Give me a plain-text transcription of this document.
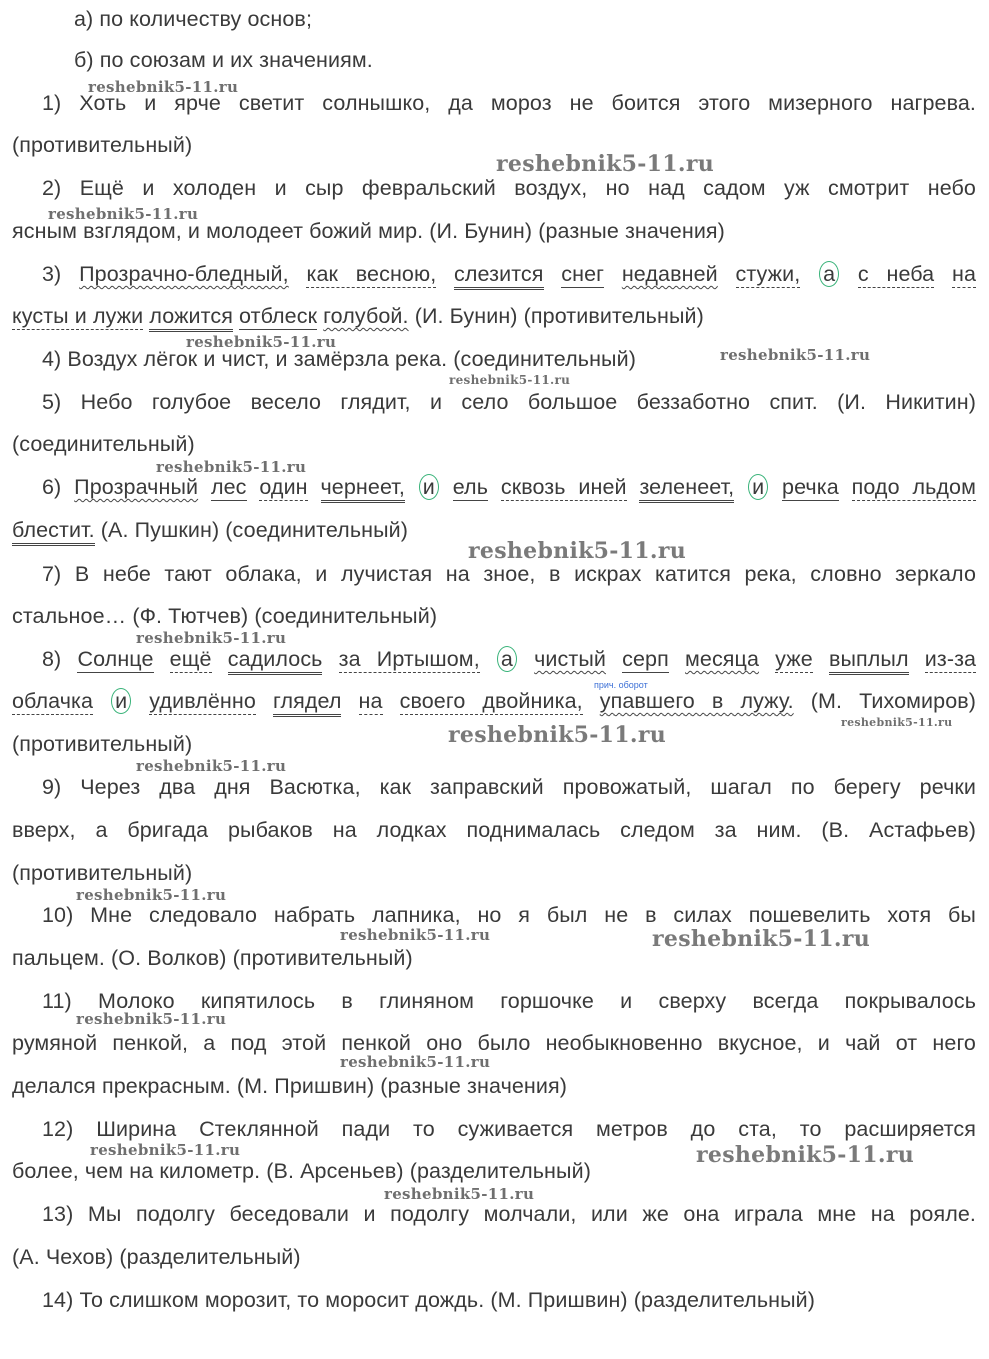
а) по количеству основ;
б) по союзам и их значениям.
1) Хоть и ярче светит солнышко, да мороз не боится этого мизерного нагрева.
(противительный)
2) Ещё и холоден и сыр февральский воздух, но над садом уж смотрит небо
ясным взглядом, и молодеет божий мир. (И. Бунин) (разные значения)
3) Прозрачно-бледный, как весною, слезится снег недавней стужи, а с неба на
кусты и лужи ложится отблеск голубой. (И. Бунин) (противительный)
4) Воздух лёгок и чист, и замёрзла река. (соединительный)
5) Небо голубое весело глядит, и село большое беззаботно спит. (И. Никитин)
(соединительный)
6) Прозрачный лес один чернеет, и ель сквозь иней зеленеет, и речка подо льдом
блестит. (А. Пушкин) (соединительный)
7) В небе тают облака, и лучистая на зное, в искрах катится река, словно зеркало
стальное… (Ф. Тютчев) (соединительный)
8) Солнце ещё садилось за Иртышом, а чистый серп месяца уже выплыл из-за
облачка и удивлённо глядел на своего двойника, упавшего в лужу. (М. Тихомиров)
(противительный)
прич. оборот
9) Через два дня Васютка, как заправский провожатый, шагал по берегу речки
вверх, а бригада рыбаков на лодках поднималась следом за ним. (В. Астафьев)
(противительный)
10) Мне следовало набрать лапника, но я был не в силах пошевелить хотя бы
пальцем. (О. Волков) (противительный)
11) Молоко кипятилось в глиняном горшочке и сверху всегда покрывалось
румяной пенкой, а под этой пенкой оно было необыкновенно вкусное, и чай от него
делался прекрасным. (М. Пришвин) (разные значения)
12) Ширина Стеклянной пади то суживается метров до ста, то расширяется
более, чем на километр. (В. Арсеньев) (разделительный)
13) Мы подолгу беседовали и подолгу молчали, или же она играла мне на рояле.
(А. Чехов) (разделительный)
14) То слишком морозит, то моросит дождь. (М. Пришвин) (разделительный)
reshebnik5-11.ru
reshebnik5-11.ru
reshebnik5-11.ru
reshebnik5-11.ru
reshebnik5-11.ru
reshebnik5-11.ru
reshebnik5-11.ru
reshebnik5-11.ru
reshebnik5-11.ru
reshebnik5-11.ru
reshebnik5-11.ru
reshebnik5-11.ru
reshebnik5-11.ru
reshebnik5-11.ru
reshebnik5-11.ru
reshebnik5-11.ru
reshebnik5-11.ru
reshebnik5-11.ru	reshebnik5-11.ru
reshebnik5-11.ru
